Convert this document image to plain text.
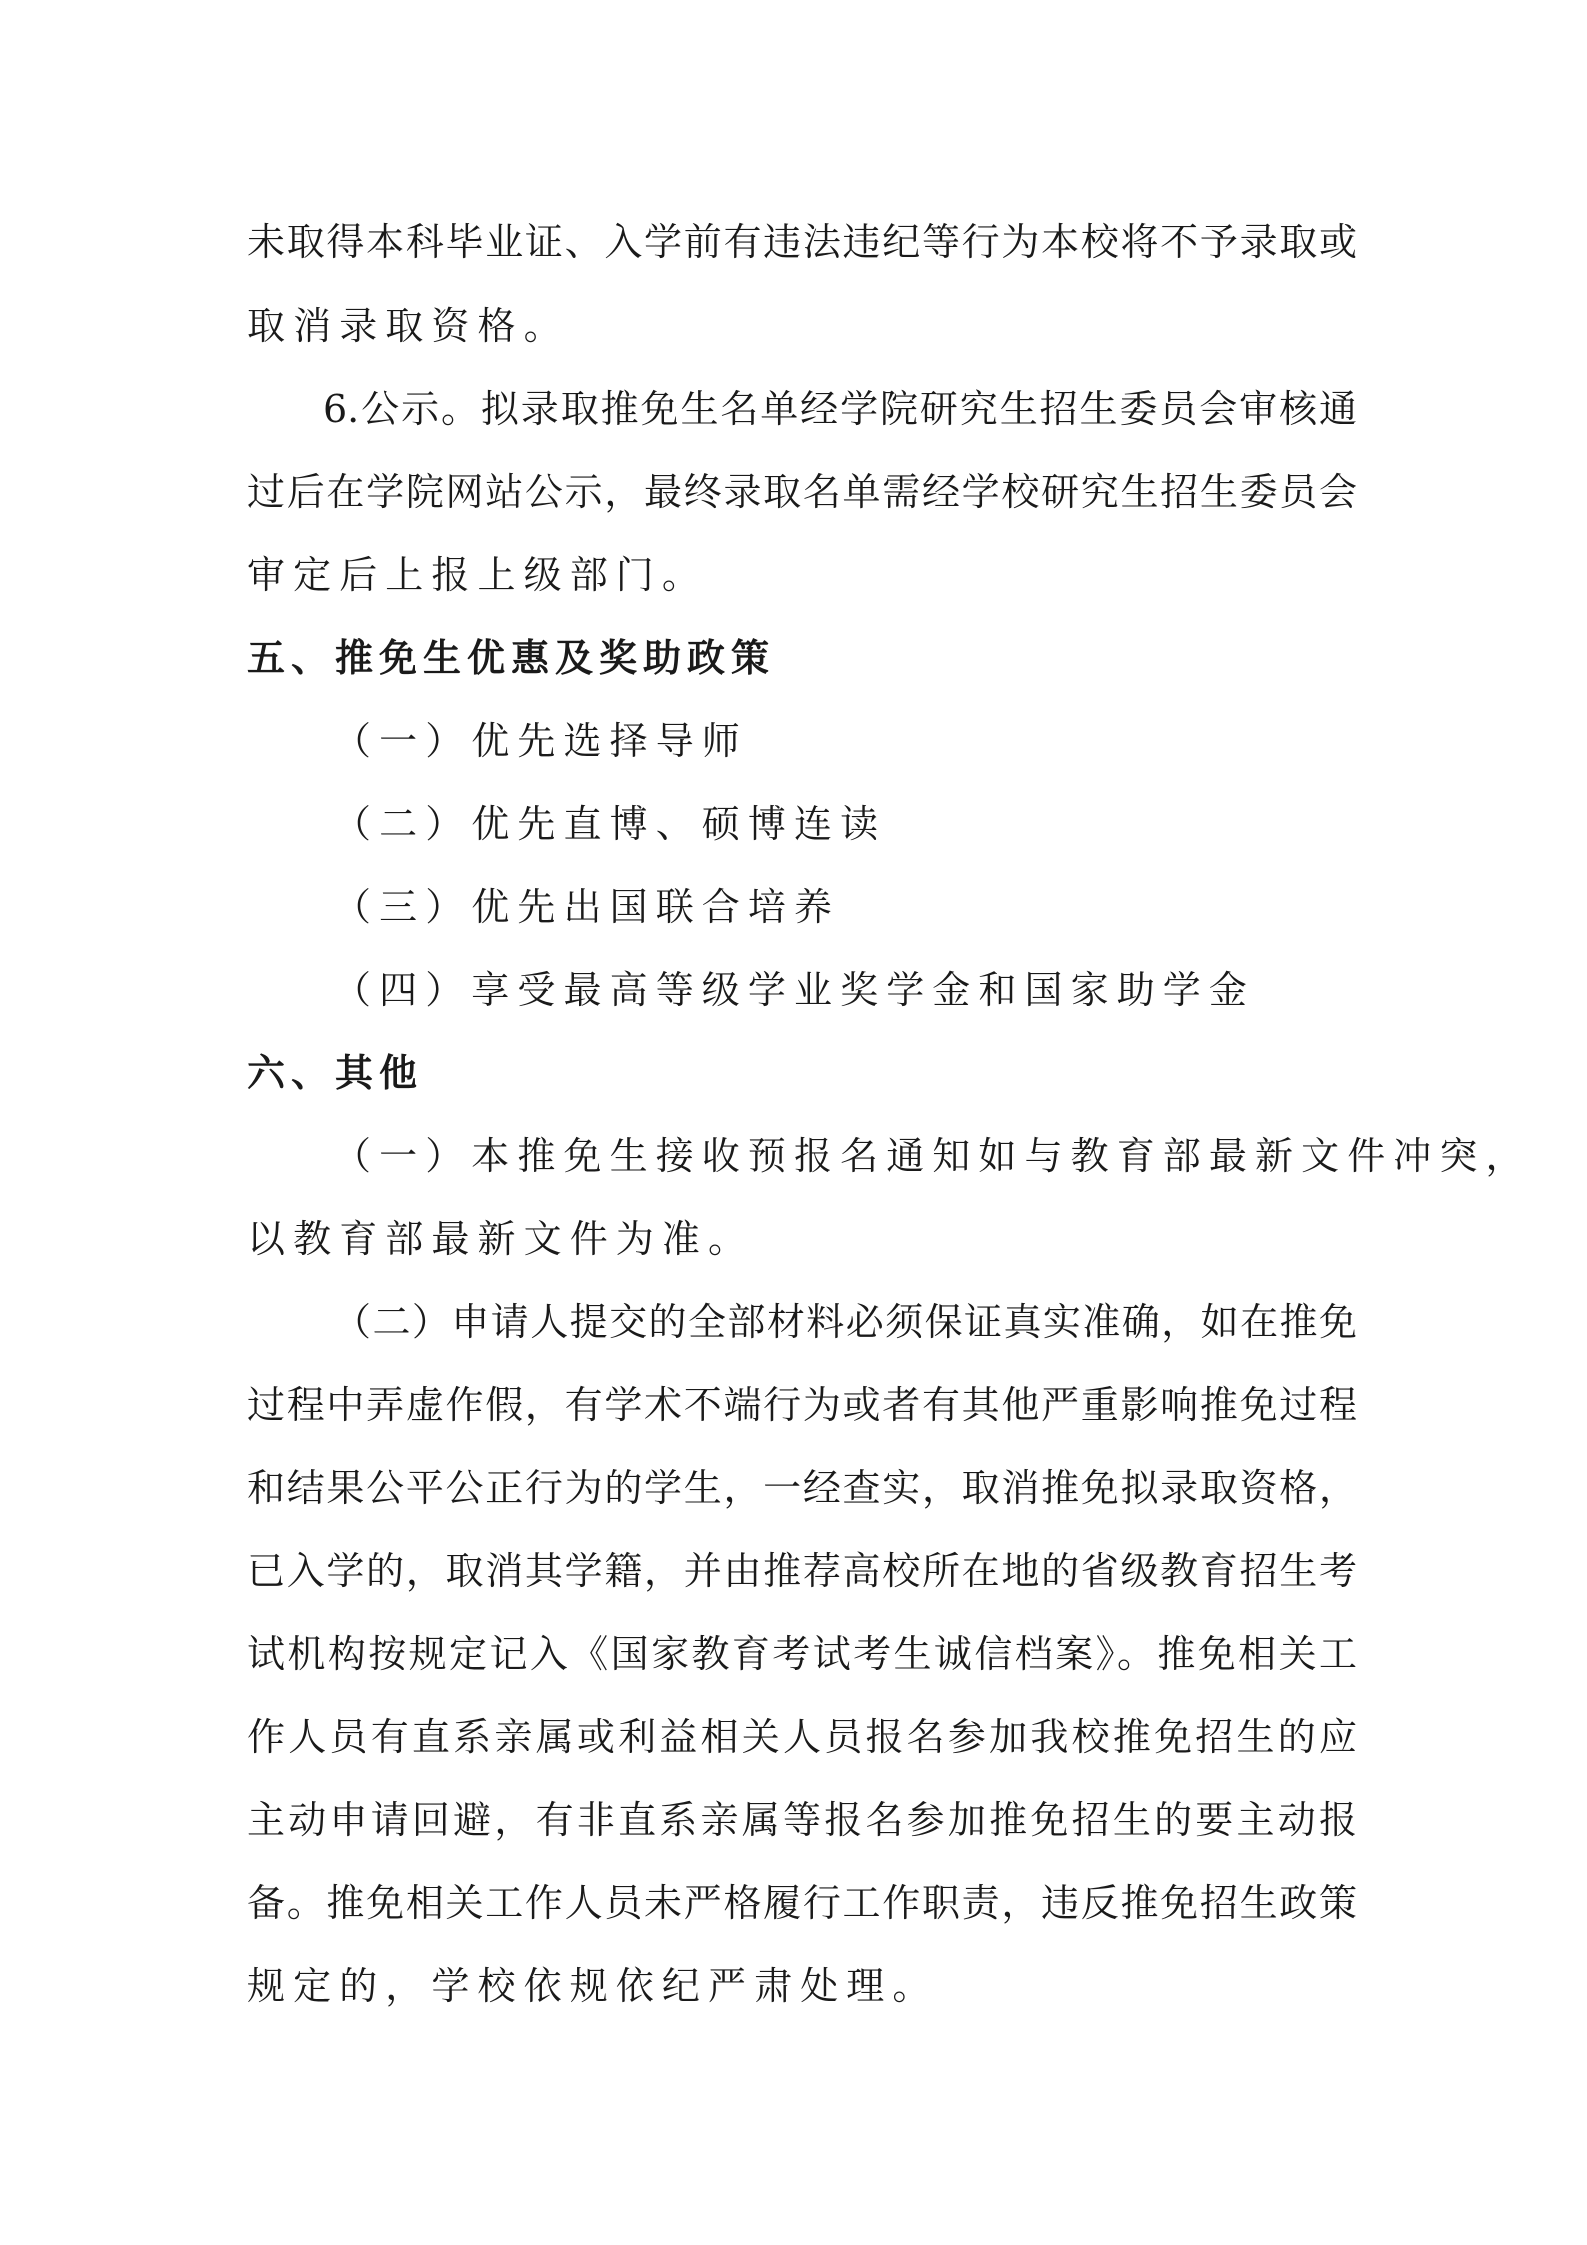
未取得本科毕业证、入学前有违法违纪等行为本校将不予录取或
取消录取资格。
6.公示。拟录取推免生名单经学院研究生招生委员会审核通
过后在学院网站公示，最终录取名单需经学校研究生招生委员会
审定后上报上级部门。
五、推免生优惠及奖助政策
（一）优先选择导师
（二）优先直博、硕博连读
（三）优先出国联合培养
（四）享受最高等级学业奖学金和国家助学金
六、其他
（一）本推免生接收预报名通知如与教育部最新文件冲突，
以教育部最新文件为准。
（二）申请人提交的全部材料必须保证真实准确，如在推免
过程中弄虚作假，有学术不端行为或者有其他严重影响推免过程
和结果公平公正行为的学生，一经查实，取消推免拟录取资格，
已入学的，取消其学籍，并由推荐高校所在地的省级教育招生考
试机构按规定记入《国家教育考试考生诚信档案》。推免相关工
作人员有直系亲属或利益相关人员报名参加我校推免招生的应
主动申请回避，有非直系亲属等报名参加推免招生的要主动报
备。推免相关工作人员未严格履行工作职责，违反推免招生政策
规定的，学校依规依纪严肃处理。
